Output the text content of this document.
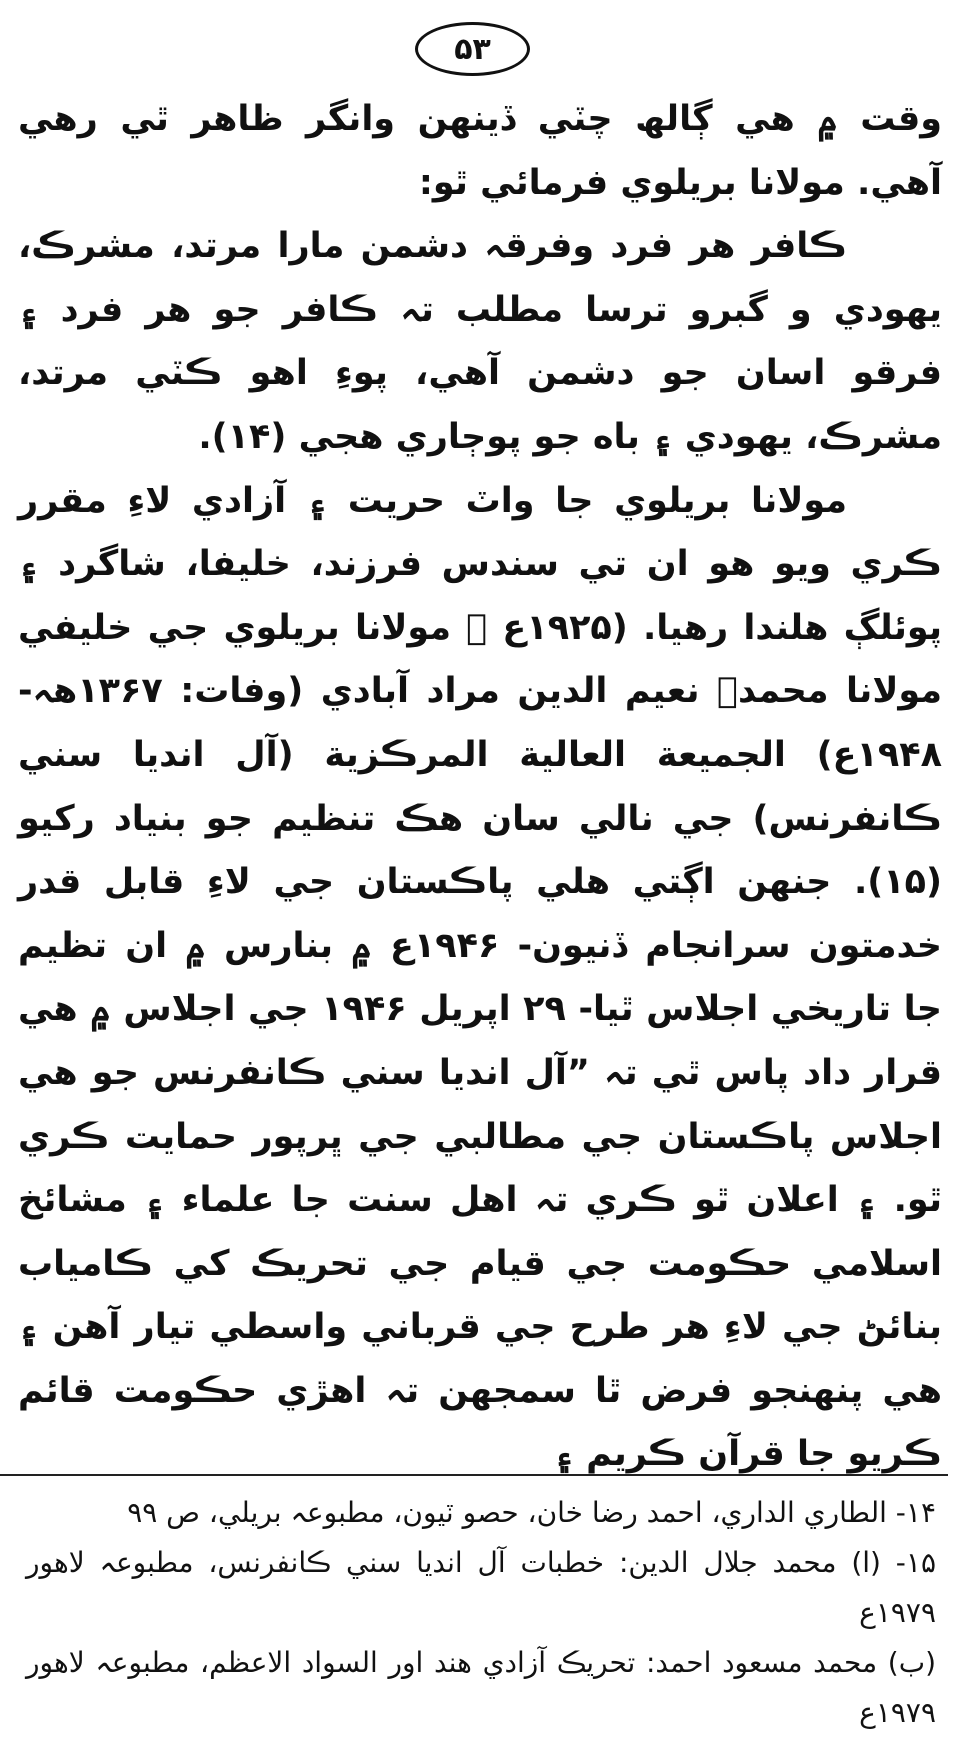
۵۳

وقت ۾ هي ڳالھ چٽي ڏينهن وانگر ظاهر ٿي رهي آهي. مولانا بريلوي فرمائي ٿو:

ڪافر هر فرد وفرقہ دشمن مارا مرتد، مشرڪ، يهودي و گبرو ترسا مطلب تہ ڪافر جو هر فرد ۽ فرقو اسان جو دشمن آهي، پوءِ اهو ڪٽي مرتد، مشرڪ، يهودي ۽ باه جو پوڄاري هجي (١۴).

مولانا بريلوي جا واٽ حريت ۽ آزادي لاءِ مقرر ڪري ويو هو ان تي سندس فرزند، خليفا، شاگرد ۽ پوئلڳ هلندا رهيا. (١٩٢۵ع ۾ مولانا بريلوي جي خليفي مولانا محمدؐ نعيم الدين مراد آبادي (وفات: ١٣۶٧هہ- ١٩۴٨ع) الجميعة العالية المرڪزية (آل انديا سني ڪانفرنس) جي نالي سان هڪ تنظيم جو بنياد رکيو (١۵). جنهن اڳتي هلي پاڪستان جي لاءِ قابل قدر خدمتون سرانجام ڏنيون- ١٩۴۶ع ۾ بنارس ۾ ان تظيم جا تاريخي اجلاس ٿيا- ٢٩ اپريل ١٩۴۶ جي اجلاس ۾ هي قرار داد پاس ٿي تہ ”آل انديا سني ڪانفرنس جو هي اجلاس پاڪستان جي مطالبي جي ڀرپور حمايت ڪري ٿو. ۽ اعلان ٿو ڪري تہ اهل سنت جا علماء ۽ مشائخ اسلامي حڪومت جي قيام جي تحريڪ کي ڪامياب بنائڻ جي لاءِ هر طرح جي قرباني واسطي تيار آهن ۽ هي پنهنجو فرض ٿا سمجهن تہ اهڙي حڪومت قائم ڪريو جا قرآن ڪريم ۽

١۴- الطاري الداري، احمد رضا خان، حصو ٽيون، مطبوعہ بريلي، ص ٩٩

١۵- (ا) محمد جلال الدين: خطبات آل انديا سني ڪانفرنس، مطبوعہ لاهور ١٩٧٩ع

(ب) محمد مسعود احمد: تحريڪ آزادي هند اور السواد الاعظم، مطبوعہ لاهور ١٩٧٩ع
